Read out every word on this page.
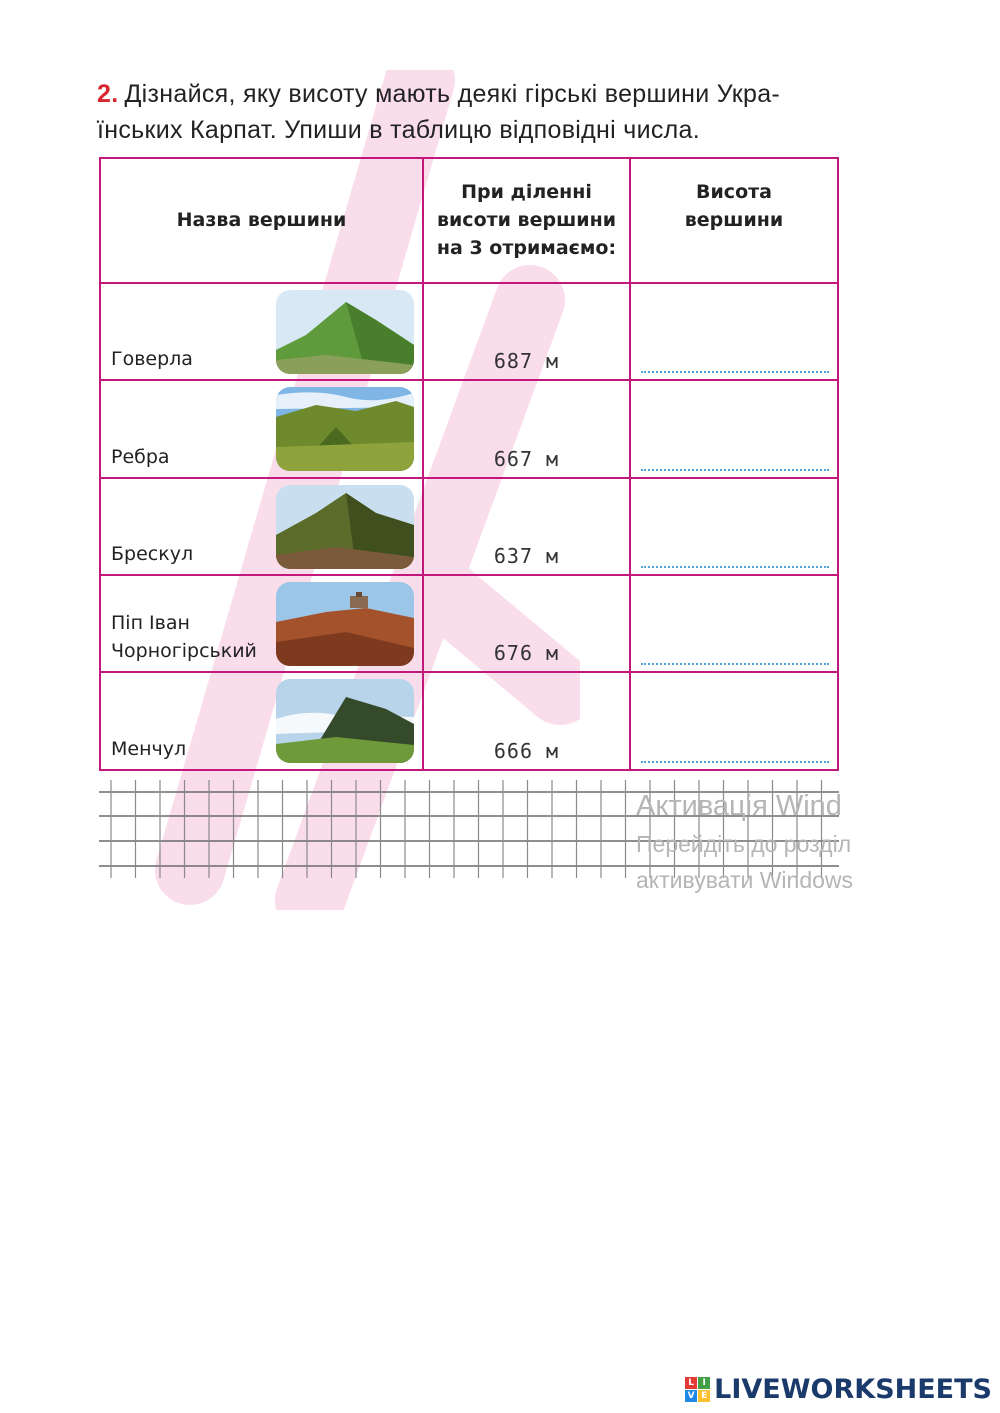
2. Дізнайся, яку висоту мають деякі гірські вершини Укра-їнських Карпат. Упиши в таблицю відповідні числа.
Назва вершини	При діленні висоти вершини на 3 отримаємо:	Висота вершини

Говерла	687 м	

Ребра	667 м	

Брескул	637 м	

Піп Іван
Чорногірський	676 м	

Менчул	666 м	
Активація Wind
Перейдіть до розділ
активувати Windows
L I
V E LIVEWORKSHEETS
